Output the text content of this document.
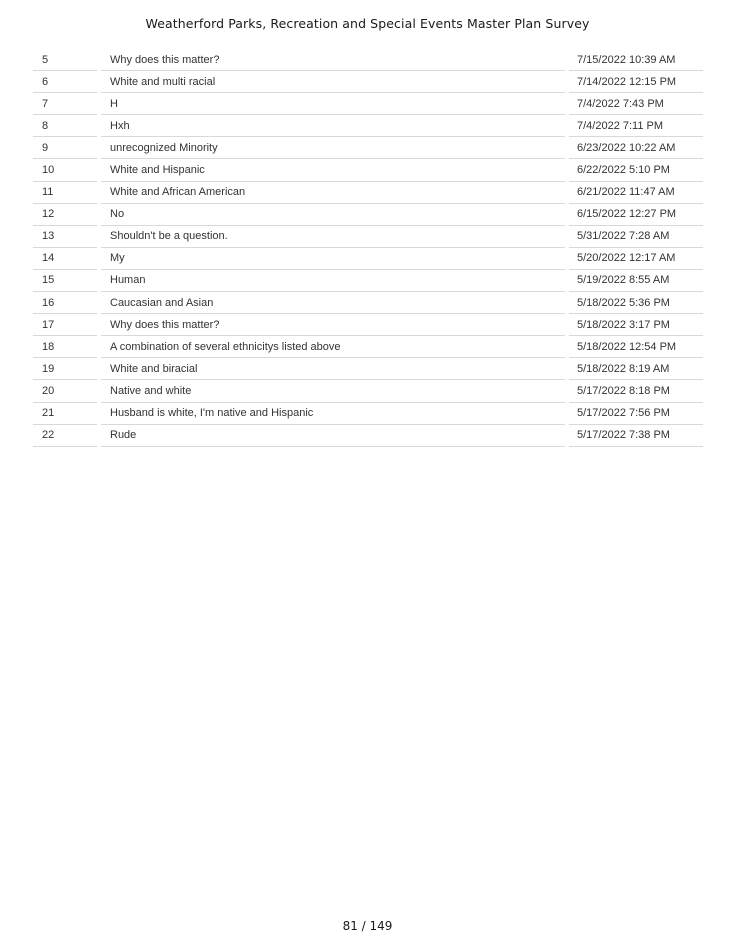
Weatherford Parks, Recreation and Special Events Master Plan Survey
5	Why does this matter?	7/15/2022 10:39 AM
6	White and multi racial	7/14/2022 12:15 PM
7	H	7/4/2022 7:43 PM
8	Hxh	7/4/2022 7:11 PM
9	unrecognized Minority	6/23/2022 10:22 AM
10	White and Hispanic	6/22/2022 5:10 PM
11	White and African American	6/21/2022 11:47 AM
12	No	6/15/2022 12:27 PM
13	Shouldn't be a question.	5/31/2022 7:28 AM
14	My	5/20/2022 12:17 AM
15	Human	5/19/2022 8:55 AM
16	Caucasian and Asian	5/18/2022 5:36 PM
17	Why does this matter?	5/18/2022 3:17 PM
18	A combination of several ethnicitys listed above	5/18/2022 12:54 PM
19	White and biracial	5/18/2022 8:19 AM
20	Native and white	5/17/2022 8:18 PM
21	Husband is white, I'm native and Hispanic	5/17/2022 7:56 PM
22	Rude	5/17/2022 7:38 PM
81 / 149
